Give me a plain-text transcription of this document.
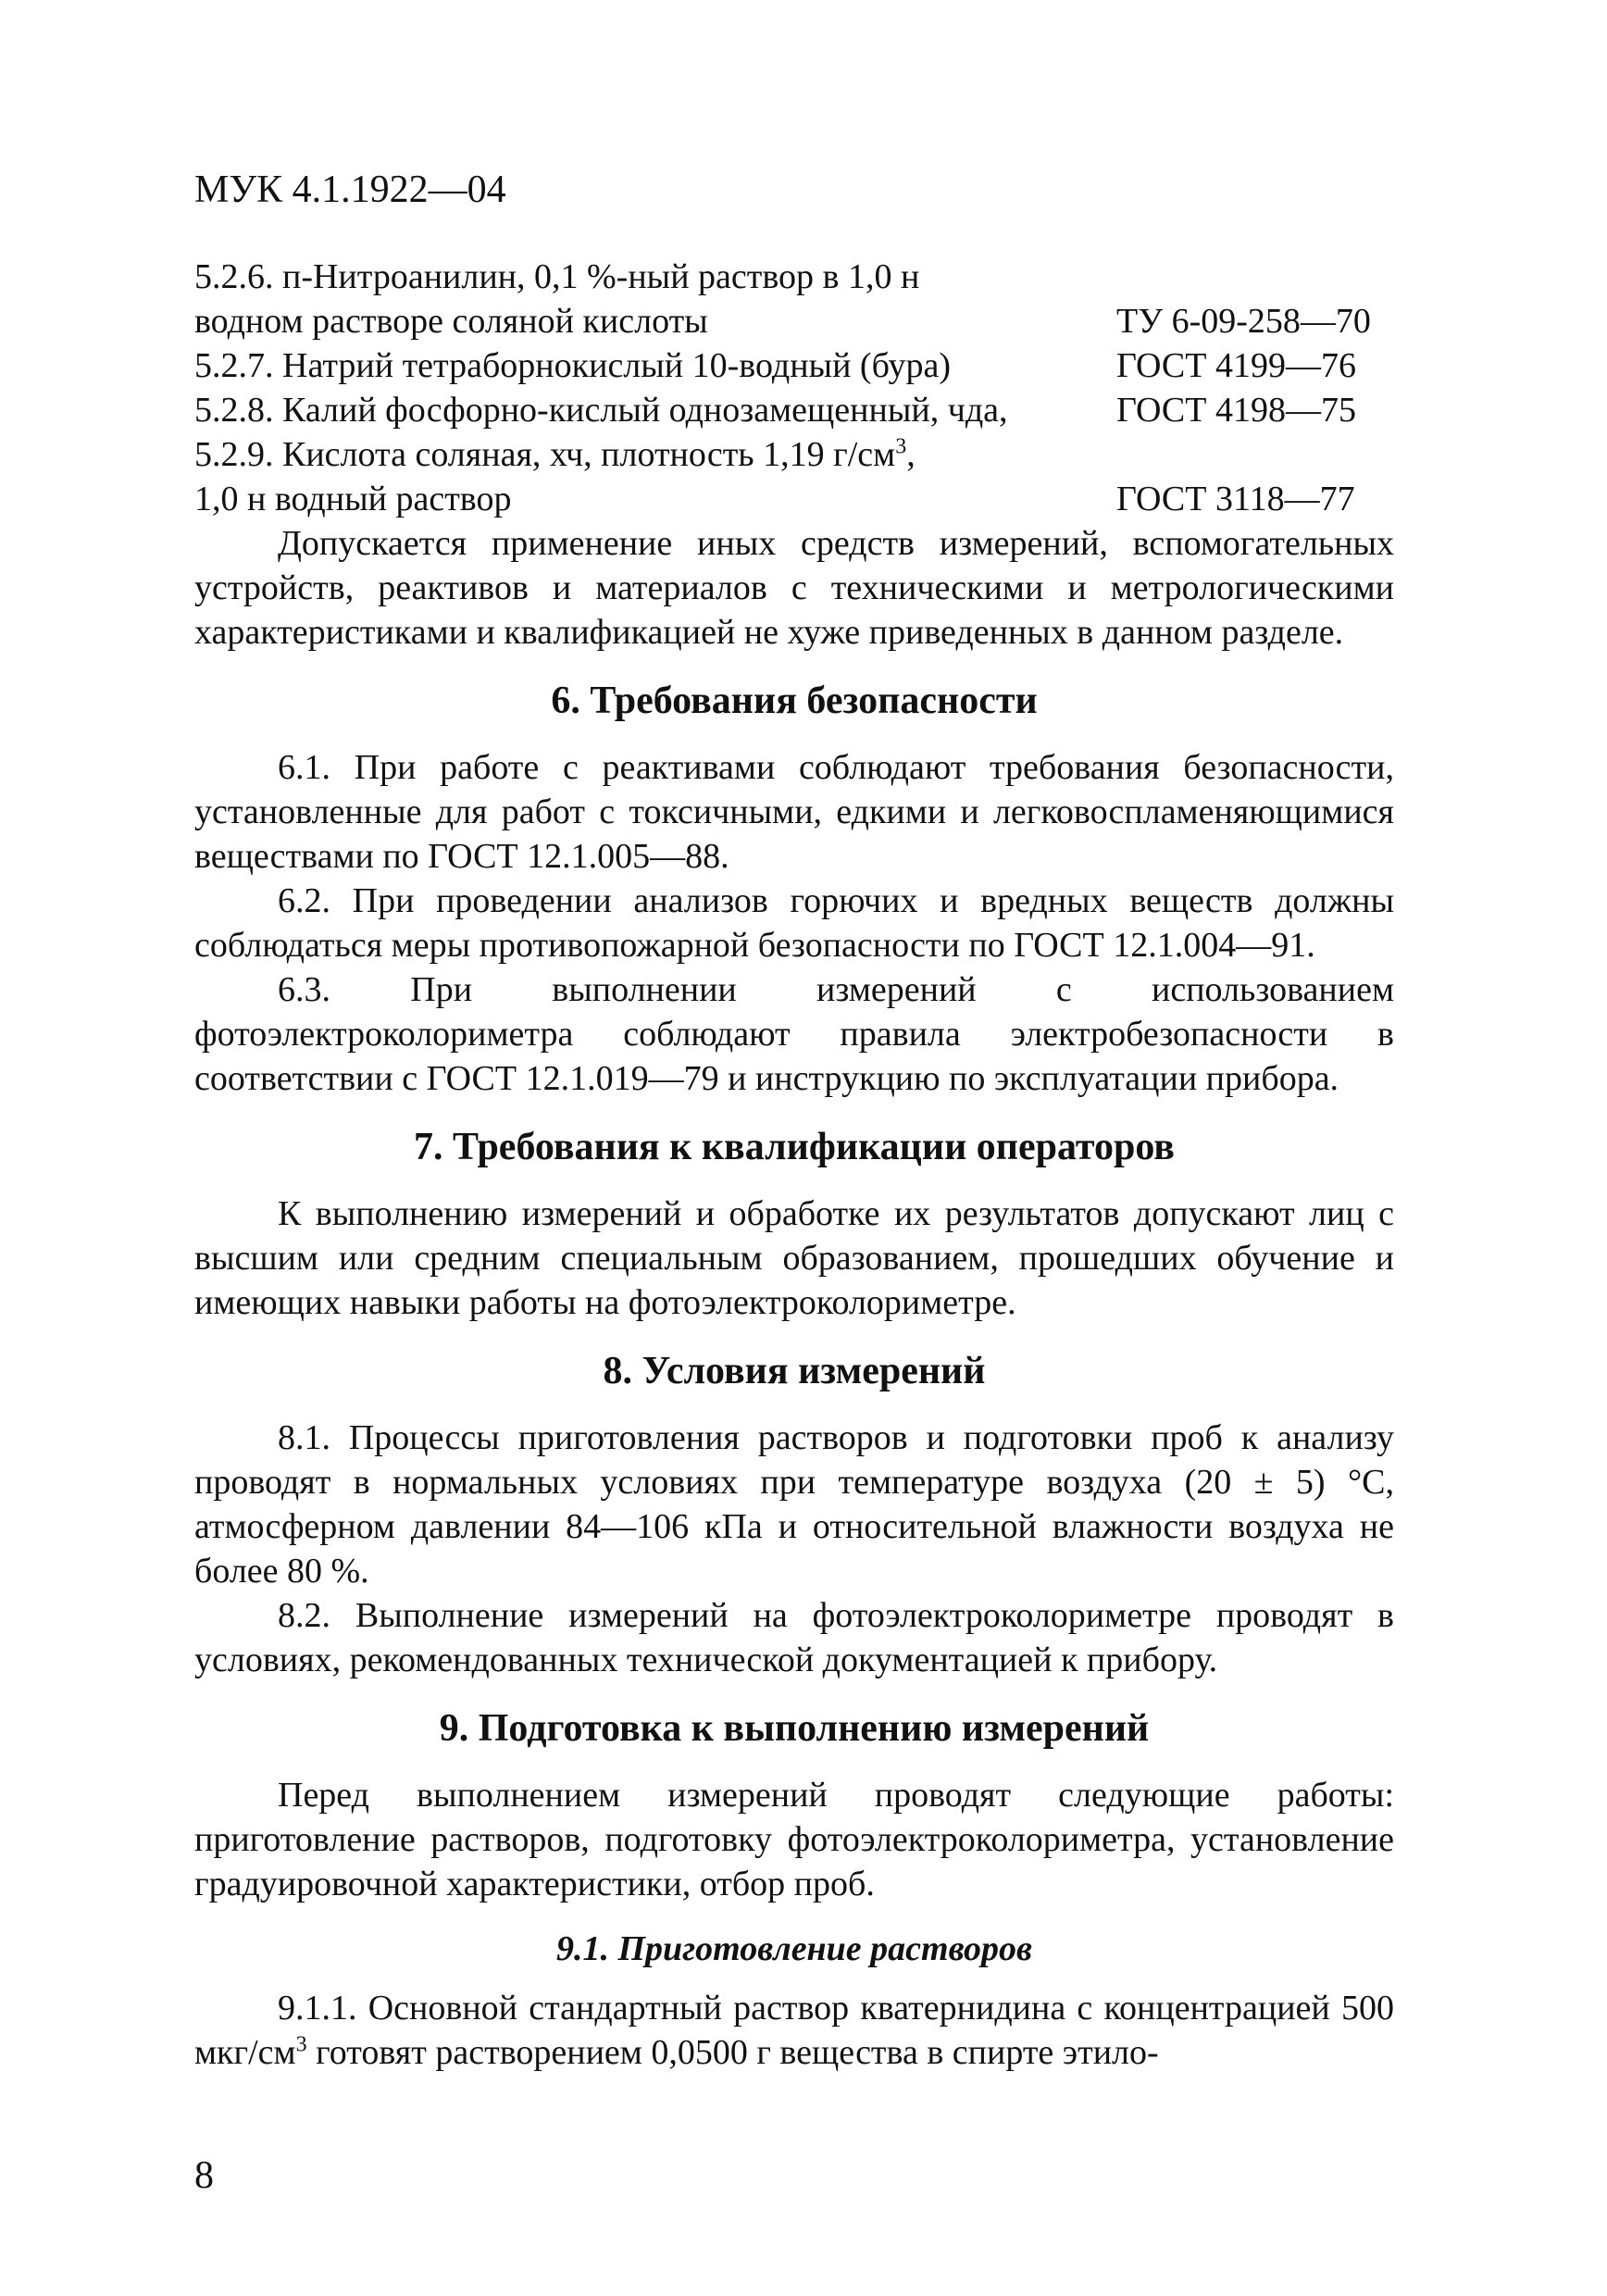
МУК 4.1.1922—04
5.2.6. п-Нитроанилин, 0,1 %-ный раствор в 1,0 н
водном растворе соляной кислоты	ТУ 6-09-258—70
5.2.7. Натрий тетраборнокислый 10-водный (бура)	ГОСТ 4199—76
5.2.8. Калий фосфорно-кислый однозамещенный, чда,	ГОСТ 4198—75
5.2.9. Кислота соляная, хч, плотность 1,19 $г/см^3$,
1,0 н водный раствор	ГОСТ 3118—77

Допускается применение иных средств измерений, вспомогательных устройств, реактивов и материалов с техническими и метрологическими характеристиками и квалификацией не хуже приведенных в данном разделе.

6. Требования безопасности

6.1. При работе с реактивами соблюдают требования безопасности, установленные для работ с токсичными, едкими и легковоспламеняющимися веществами по ГОСТ 12.1.005—88.

6.2. При проведении анализов горючих и вредных веществ должны соблюдаться меры противопожарной безопасности по ГОСТ 12.1.004—91.

6.3. При выполнении измерений с использованием фотоэлектроколориметра соблюдают правила электробезопасности в соответствии с ГОСТ 12.1.019—79 и инструкцию по эксплуатации прибора.

7. Требования к квалификации операторов

К выполнению измерений и обработке их результатов допускают лиц с высшим или средним специальным образованием, прошедших обучение и имеющих навыки работы на фотоэлектроколориметре.

8. Условия измерений

8.1. Процессы приготовления растворов и подготовки проб к анализу проводят в нормальных условиях при температуре воздуха (20 ± 5) °С, атмосферном давлении 84—106 кПа и относительной влажности воздуха не более 80 %.

8.2. Выполнение измерений на фотоэлектроколориметре проводят в условиях, рекомендованных технической документацией к прибору.

9. Подготовка к выполнению измерений

Перед выполнением измерений проводят следующие работы: приготовление растворов, подготовку фотоэлектроколориметра, установление градуировочной характеристики, отбор проб.

9.1. Приготовление растворов

9.1.1. Основной стандартный раствор кватернидина с концентрацией 500 мкг/$см^3$ готовят растворением 0,0500 г вещества в спирте этило-

8
